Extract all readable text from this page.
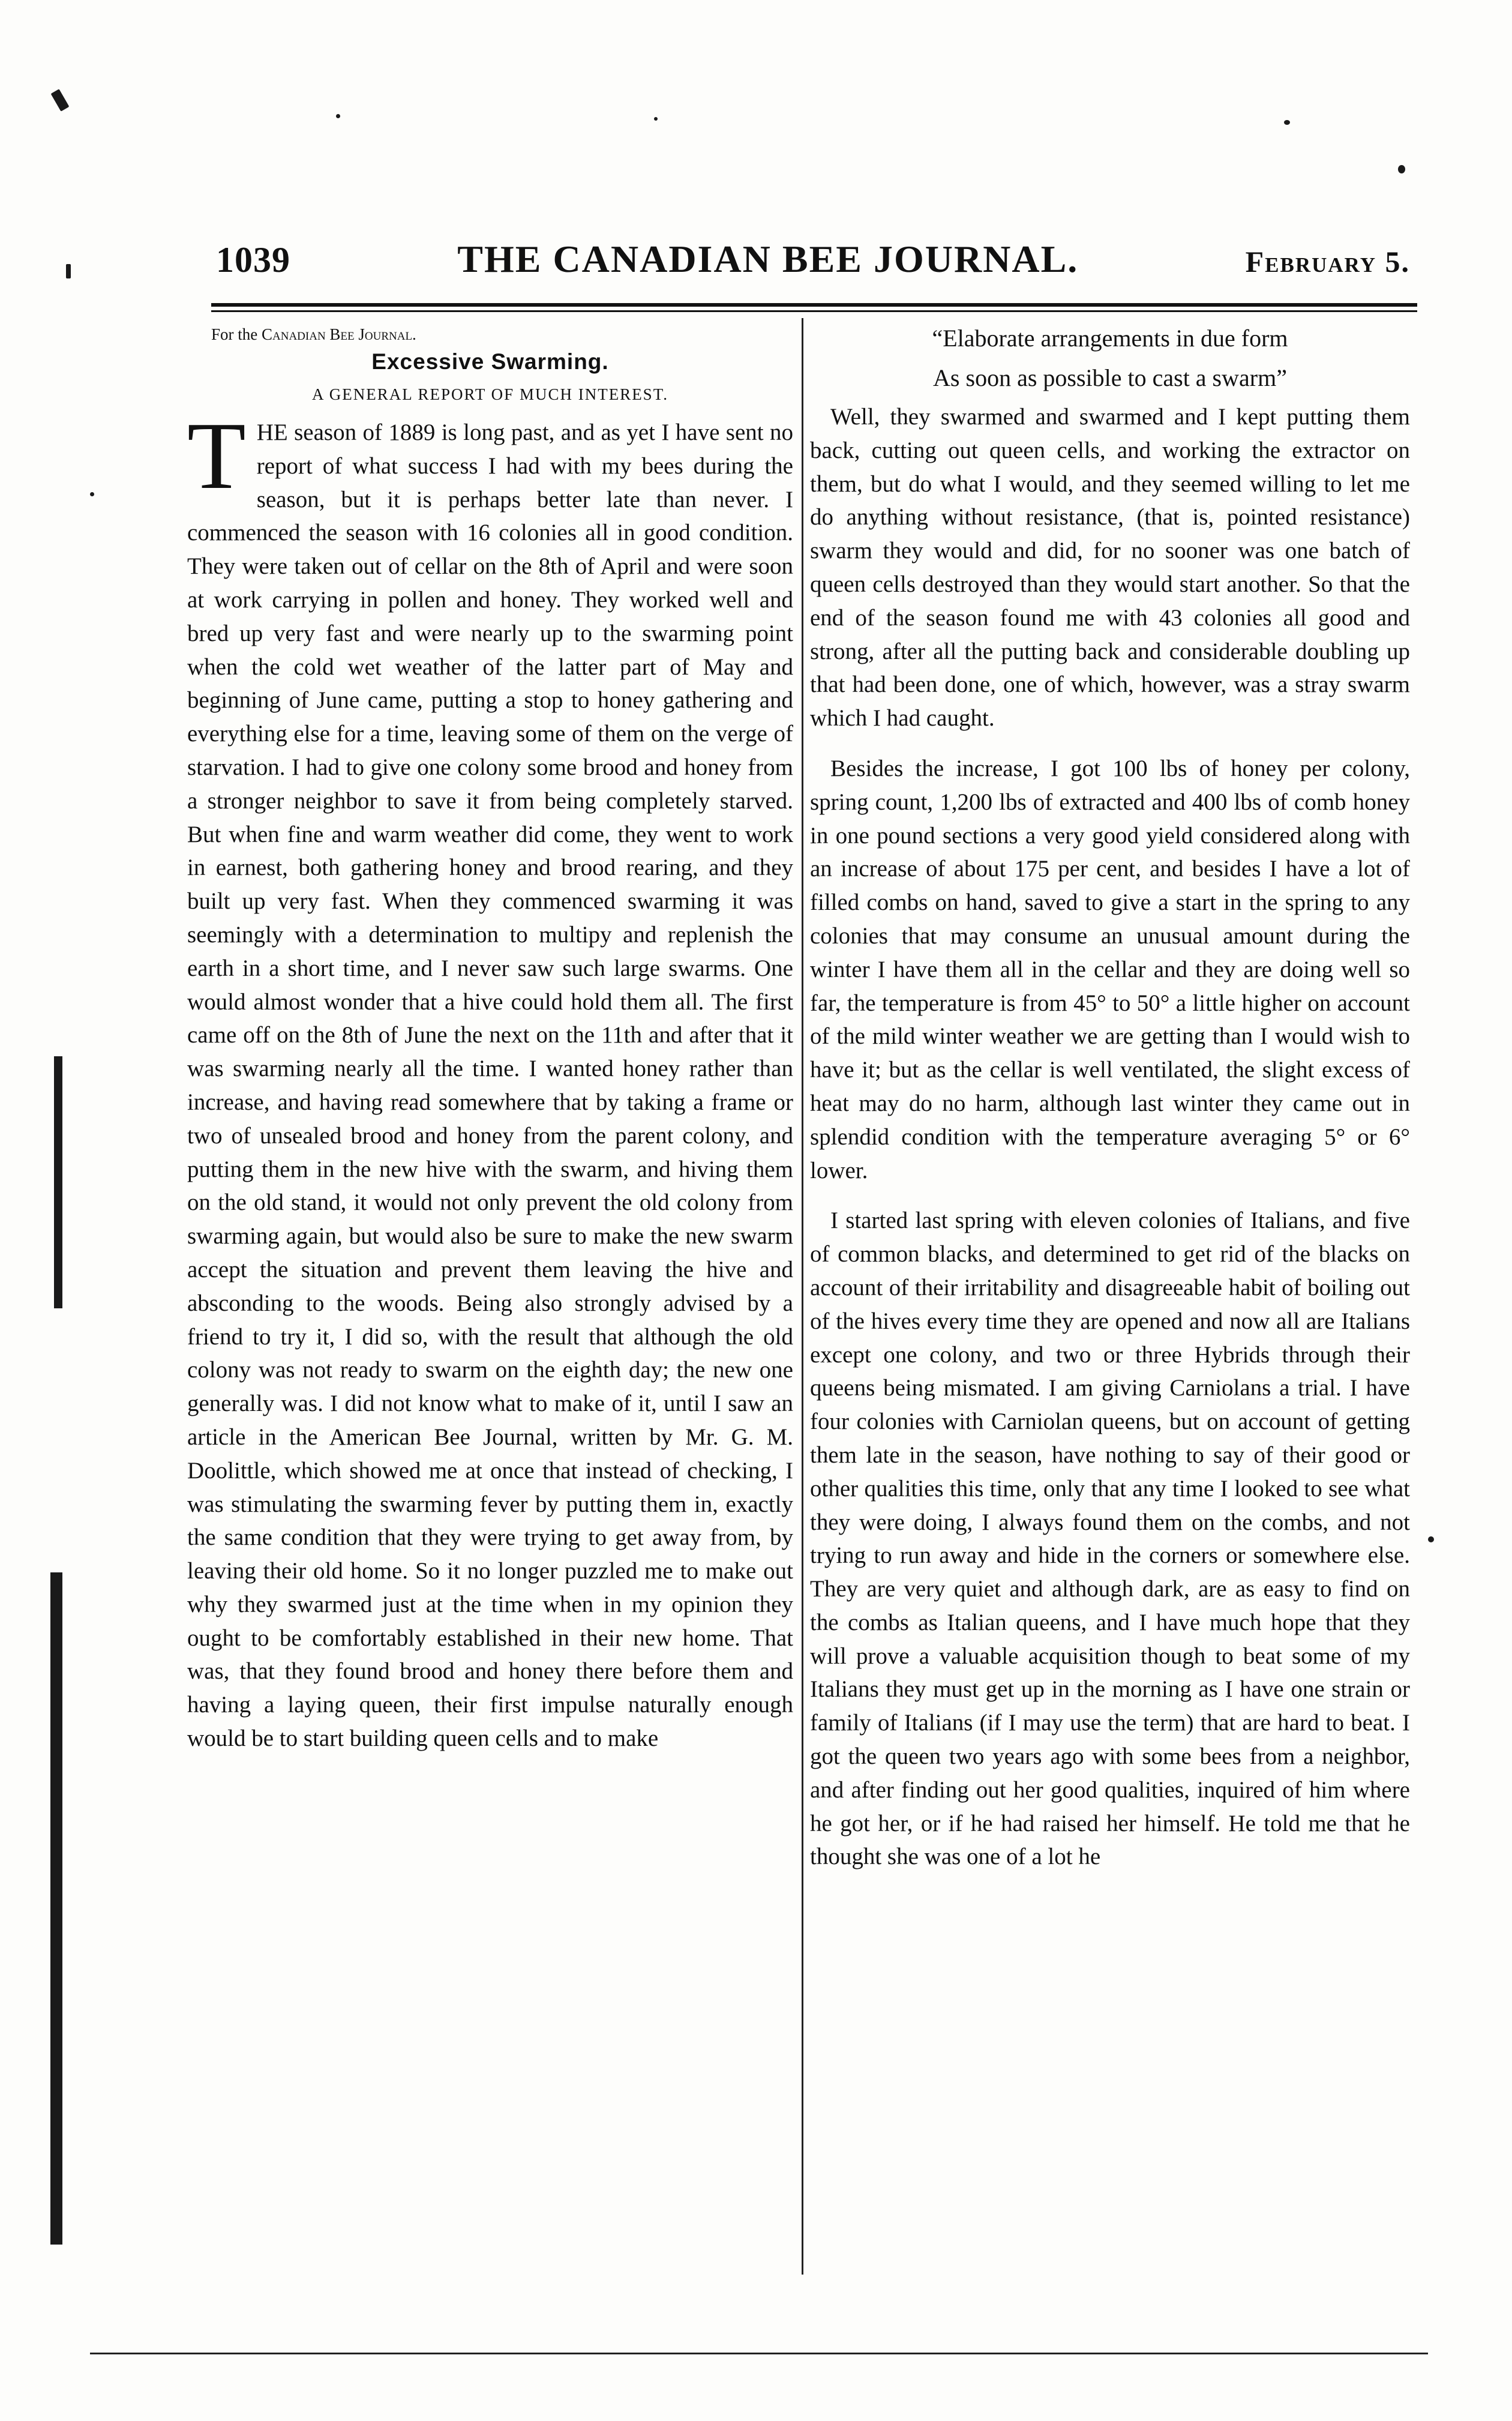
1039	THE CANADIAN BEE JOURNAL.	February 5.
For the Canadian Bee Journal.
Excessive Swarming.
A GENERAL REPORT OF MUCH INTEREST.

THE season of 1889 is long past, and as yet I have sent no report of what success I had with my bees during the season, but it is perhaps better late than never. I commenced the season with 16 colonies all in good condition. They were taken out of cellar on the 8th of April and were soon at work carrying in pollen and honey. They worked well and bred up very fast and were nearly up to the swarming point when the cold wet weather of the latter part of May and beginning of June came, putting a stop to honey gathering and everything else for a time, leaving some of them on the verge of starvation. I had to give one colony some brood and honey from a stronger neighbor to save it from being completely starved. But when fine and warm weather did come, they went to work in earnest, both gathering honey and brood rearing, and they built up very fast. When they commenced swarming it was seemingly with a determination to multipy and replenish the earth in a short time, and I never saw such large swarms. One would almost wonder that a hive could hold them all. The first came off on the 8th of June the next on the 11th and after that it was swarming nearly all the time. I wanted honey rather than increase, and having read somewhere that by taking a frame or two of unsealed brood and honey from the parent colony, and putting them in the new hive with the swarm, and hiving them on the old stand, it would not only prevent the old colony from swarming again, but would also be sure to make the new swarm accept the situation and prevent them leaving the hive and absconding to the woods. Being also strongly advised by a friend to try it, I did so, with the result that although the old colony was not ready to swarm on the eighth day; the new one generally was. I did not know what to make of it, until I saw an article in the American Bee Journal, written by Mr. G. M. Doolittle, which showed me at once that instead of checking, I was stimulating the swarming fever by putting them in, exactly the same condition that they were trying to get away from, by leaving their old home. So it no longer puzzled me to make out why they swarmed just at the time when in my opinion they ought to be comfortably established in their new home. That was, that they found brood and honey there before them and having a laying queen, their first impulse naturally enough would be to start building queen cells and to make

“Elaborate arrangements in due form
As soon as possible to cast a swarm”

Well, they swarmed and swarmed and I kept putting them back, cutting out queen cells, and working the extractor on them, but do what I would, and they seemed willing to let me do anything without resistance, (that is, pointed resistance) swarm they would and did, for no sooner was one batch of queen cells destroyed than they would start another. So that the end of the season found me with 43 colonies all good and strong, after all the putting back and considerable doubling up that had been done, one of which, however, was a stray swarm which I had caught.

Besides the increase, I got 100 lbs of honey per colony, spring count, 1,200 lbs of extracted and 400 lbs of comb honey in one pound sections a very good yield considered along with an increase of about 175 per cent, and besides I have a lot of filled combs on hand, saved to give a start in the spring to any colonies that may consume an unusual amount during the winter I have them all in the cellar and they are doing well so far, the temperature is from 45° to 50° a little higher on account of the mild winter weather we are getting than I would wish to have it; but as the cellar is well ventilated, the slight excess of heat may do no harm, although last winter they came out in splendid condition with the temperature averaging 5° or 6° lower.

I started last spring with eleven colonies of Italians, and five of common blacks, and determined to get rid of the blacks on account of their irritability and disagreeable habit of boiling out of the hives every time they are opened and now all are Italians except one colony, and two or three Hybrids through their queens being mismated. I am giving Carniolans a trial. I have four colonies with Carniolan queens, but on account of getting them late in the season, have nothing to say of their good or other qualities this time, only that any time I looked to see what they were doing, I always found them on the combs, and not trying to run away and hide in the corners or somewhere else. They are very quiet and although dark, are as easy to find on the combs as Italian queens, and I have much hope that they will prove a valuable acquisition though to beat some of my Italians they must get up in the morning as I have one strain or family of Italians (if I may use the term) that are hard to beat. I got the queen two years ago with some bees from a neighbor, and after finding out her good qualities, inquired of him where he got her, or if he had raised her himself. He told me that he thought she was one of a lot he
